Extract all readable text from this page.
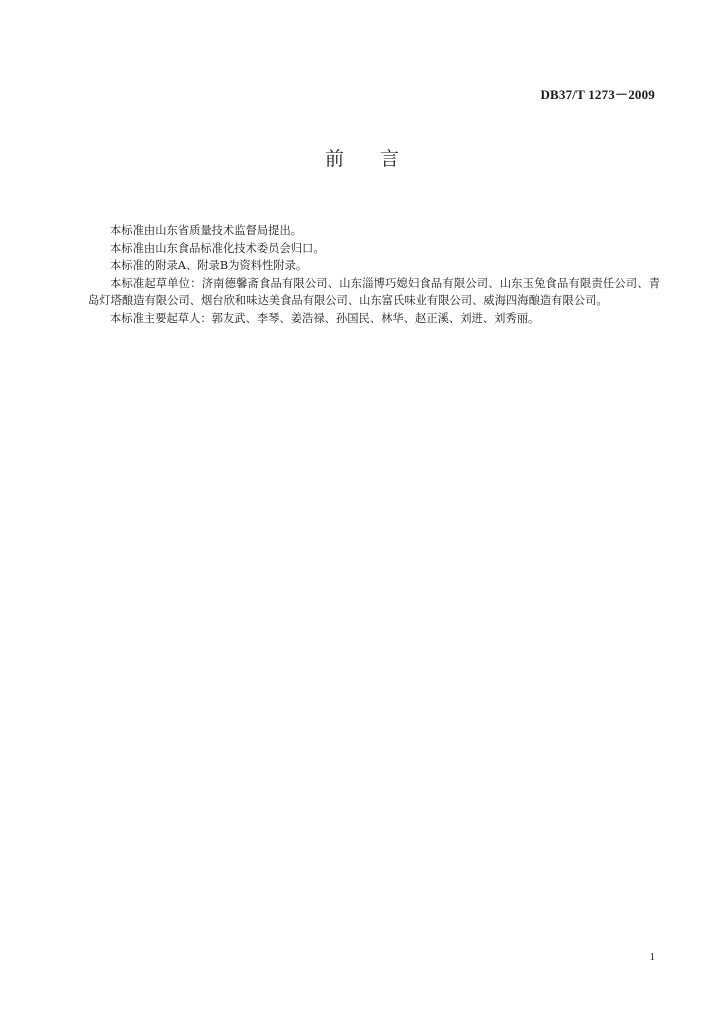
DB37/T 1273－2009
前 言

本标准由山东省质量技术监督局提出。

本标准由山东食品标准化技术委员会归口。

本标准的附录A、附录B为资料性附录。

本标准起草单位：济南德馨斋食品有限公司、山东淄博巧媳妇食品有限公司、山东玉兔食品有限责任公司、青岛灯塔酿造有限公司、烟台欣和味达美食品有限公司、山东富氏味业有限公司、威海四海酿造有限公司。

本标准主要起草人：郭友武、李琴、姜浩禄、孙国民、林华、赵正溪、刘进、刘秀丽。

1
